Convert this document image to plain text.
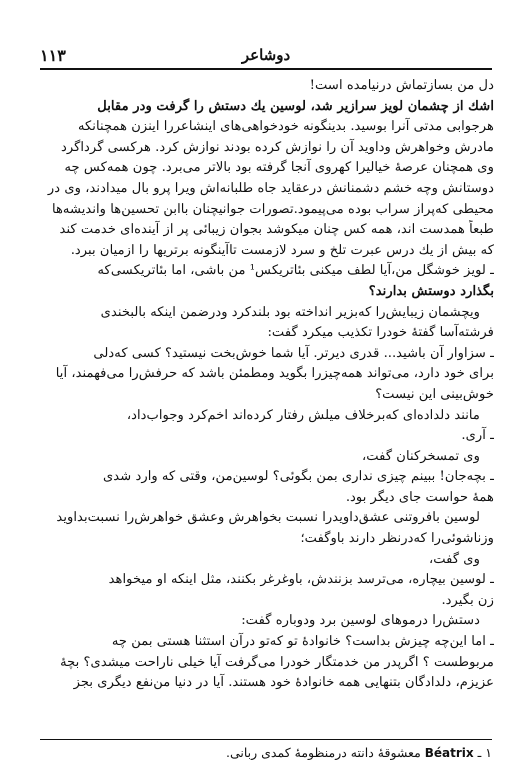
۱۱۳	دوشاعر
دل من بسازتماش درنیامده است!
اشك از چشمان لویز سرازیر شد، لوسین یك دستش را گرفت ودر مقابل
هرجوابی مدتی آنرا بوسید. بدینگونه خودخواهی‌های اینشاعررا اینزن همچنانكه
مادرش وخواهرش وداوید آن را نوازش كرده بودند نوازش كرد. هركسی گرداگرد
وی همچنان عرصهٔ خیالیرا كهروی آنجا گرفته بود بالاتر می‌برد. چون همه‌كس چه
دوستانش وچه خشم دشمنانش درعقاید جاه طلبانه‌اش ویرا پرو بال میدادند، وی در
محیطی كه‌پراز سراب بوده می‌پیمود.تصورات جوانیچنان باابن تحسین‌ها واندیشه‌ها
طبعاً همدست اند، همه كس چنان میكوشد بجوان زیبائی پر از آینده‌ای خدمت كند
كه بیش از یك درس عبرت تلخ و سرد لازمست تاآینگونه برتریها را ازمیان ببرد.
ـ لویز خوشگل من،آیا لطف میكنی بئاتریكس¹ من باشی، اما بئاتریكسی‌كه
بگذارد دوستش بدارند؟
ویچشمان زیبایش‌را كه‌بزیر انداخته بود بلندكرد ودرضمن اینكه بالبخندی
فرشته‌آسا گفتهٔ خودرا تكذیب میكرد گفت:
ـ سزاوار آن باشید... قدری دیرتر. آیا شما خوش‌بخت نیستید؟ كسی كه‌دلی
برای خود دارد، می‌تواند همه‌چیزرا بگوید ومطمئن باشد كه حرفش‌را می‌فهمند، آیا
خوش‌بینی این نیست؟
مانند دلداده‌ای كه‌برخلاف میلش رفتار كرده‌اند اخم‌كرد وجواب‌داد،
ـ آری.
وی تمسخركنان گفت،
ـ بچه‌جان! ببینم چیزی نداری بمن بگوئی؟ لوسین‌من، وقتی كه وارد شدی
همهٔ حواست جای دیگر بود.
لوسین بافروتنی عشق‌داویدرا نسبت بخواهرش وعشق خواهرش‌را نسبت‌بداوید
وزناشوئی‌را كه‌درنظر دارند باوگفت؛
وی گفت،
ـ لوسین بیچاره، می‌ترسد بزنندش، باوغرغر بكنند، مثل اینكه او میخواهد
زن بگیرد.
دستش‌را درموهای لوسین برد ودوباره گفت:
ـ اما این‌چه چیزش بداست؟ خانوادهٔ تو كه‌تو درآن استثنا هستی بمن چه
مربوطست ؟ اگرپدر من خدمتگار خودرا می‌گرفت آیا خیلی ناراحت میشدی؟ بچهٔ
عزیزم، دلدادگان بتنهایی همه خانوادهٔ خود هستند. آیا در دنیا من‌نفع دیگری بجز
۱ ـ Béatrix معشوقهٔ دانته درمنظومهٔ كمدی ربانی.
